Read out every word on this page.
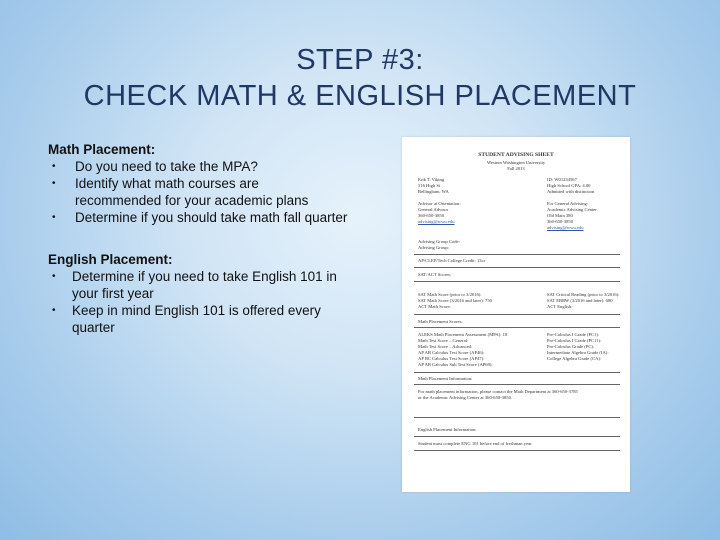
STEP #3:
CHECK MATH & ENGLISH PLACEMENT
Math Placement:
• Do you need to take the MPA?
• Identify what math courses are recommended for your academic plans
• Determine if you should take math fall quarter
English Placement:
• Determine if you need to take English 101 in your first year
• Keep in mind English 101 is offered every quarter
STUDENT ADVISING SHEET
Western Washington University
Fall 2013
Erik T. Viking
516 High St
Bellingham, WA
ID: W01234567
High School GPA: 4.00
Admitted with distinction
Advisor at Orientation:
General Advisor
360-650-3850
advising@wwu.edu
For General Advising:
Academic Advising Center
Old Main 380
360-650-3850
advising@wwu.edu
Advising Group Code:
Advising Group:
AP/CLEP/Tech College Credit: 13cr
SAT/ACT Scores:
SAT Math Score (prior to 3/2016):
SAT Math Score (3/2016 and later): 750
ACT Math Score:
SAT Critical Reading (prior to 3/2016):
SAT EBRW (3/2016 and later): 680
ACT English:
Math Placement Scores:
ALEKS Math Placement Assessment (MPA): 18
Math Test Score – General:
Math Test Score – Advanced:
AP AB Calculus Test Score (AP46):
AP BC Calculus Test Score (AP47):
AP AB Calculus Sub Test Score (AP69):
Pre-Calculus I Grade (PC1):
Pre-Calculus I Grade (PC11):
Pre-Calculus Grade (PC):
Intermediate Algebra Grade (IA):
College Algebra Grade (CA):
Math Placement Information:
For math placement information, please contact the Math Department at 360-650-3785
or the Academic Advising Center at 360-650-3850.
English Placement Information:
Student must complete ENG 101 before end of freshman year
